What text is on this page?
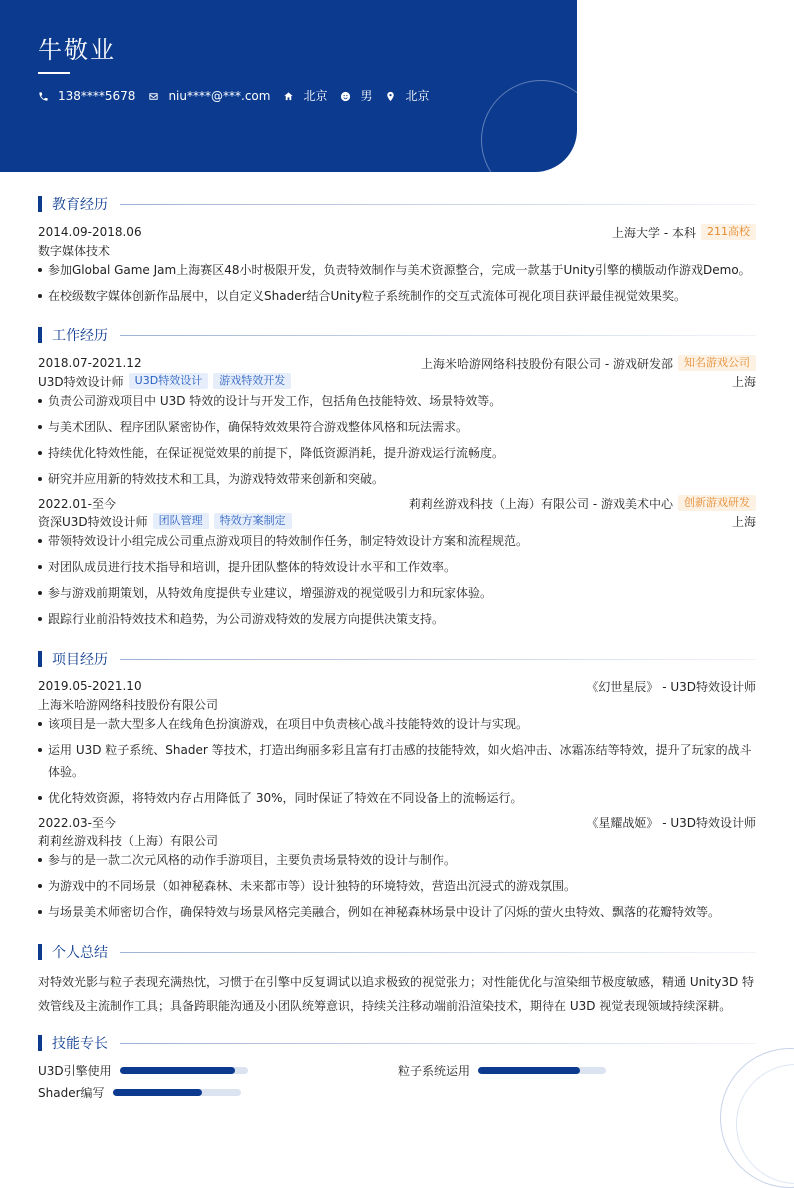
牛敬业
138****5678	niu****@***.com	北京	男	北京
教育经历
2014.09-2018.06	上海大学 - 本科	211高校
数字媒体技术
参加Global Game Jam上海赛区48小时极限开发，负责特效制作与美术资源整合，完成一款基于Unity引擎的横版动作游戏Demo。
在校级数字媒体创新作品展中，以自定义Shader结合Unity粒子系统制作的交互式流体可视化项目获评最佳视觉效果奖。
工作经历
2018.07-2021.12	上海米哈游网络科技股份有限公司 - 游戏研发部	知名游戏公司
U3D特效设计师	U3D特效设计	游戏特效开发	上海
负责公司游戏项目中 U3D 特效的设计与开发工作，包括角色技能特效、场景特效等。
与美术团队、程序团队紧密协作，确保特效效果符合游戏整体风格和玩法需求。
持续优化特效性能，在保证视觉效果的前提下，降低资源消耗，提升游戏运行流畅度。
研究并应用新的特效技术和工具，为游戏特效带来创新和突破。
2022.01-至今	莉莉丝游戏科技（上海）有限公司 - 游戏美术中心	创新游戏研发
资深U3D特效设计师	团队管理	特效方案制定	上海
带领特效设计小组完成公司重点游戏项目的特效制作任务，制定特效设计方案和流程规范。
对团队成员进行技术指导和培训，提升团队整体的特效设计水平和工作效率。
参与游戏前期策划，从特效角度提供专业建议，增强游戏的视觉吸引力和玩家体验。
跟踪行业前沿特效技术和趋势，为公司游戏特效的发展方向提供决策支持。
项目经历
2019.05-2021.10	《幻世星辰》 - U3D特效设计师
上海米哈游网络科技股份有限公司
该项目是一款大型多人在线角色扮演游戏，在项目中负责核心战斗技能特效的设计与实现。
运用 U3D 粒子系统、Shader 等技术，打造出绚丽多彩且富有打击感的技能特效，如火焰冲击、冰霜冻结等特效，提升了玩家的战斗体验。
优化特效资源，将特效内存占用降低了 30%，同时保证了特效在不同设备上的流畅运行。
2022.03-至今	《星耀战姬》 - U3D特效设计师
莉莉丝游戏科技（上海）有限公司
参与的是一款二次元风格的动作手游项目，主要负责场景特效的设计与制作。
为游戏中的不同场景（如神秘森林、未来都市等）设计独特的环境特效，营造出沉浸式的游戏氛围。
与场景美术师密切合作，确保特效与场景风格完美融合，例如在神秘森林场景中设计了闪烁的萤火虫特效、飘落的花瓣特效等。
个人总结
对特效光影与粒子表现充满热忱，习惯于在引擎中反复调试以追求极致的视觉张力；对性能优化与渲染细节极度敏感，精通 Unity3D 特效管线及主流制作工具；具备跨职能沟通及小团队统筹意识，持续关注移动端前沿渲染技术，期待在 U3D 视觉表现领域持续深耕。
技能专长
U3D引擎使用	粒子系统运用
Shader编写
